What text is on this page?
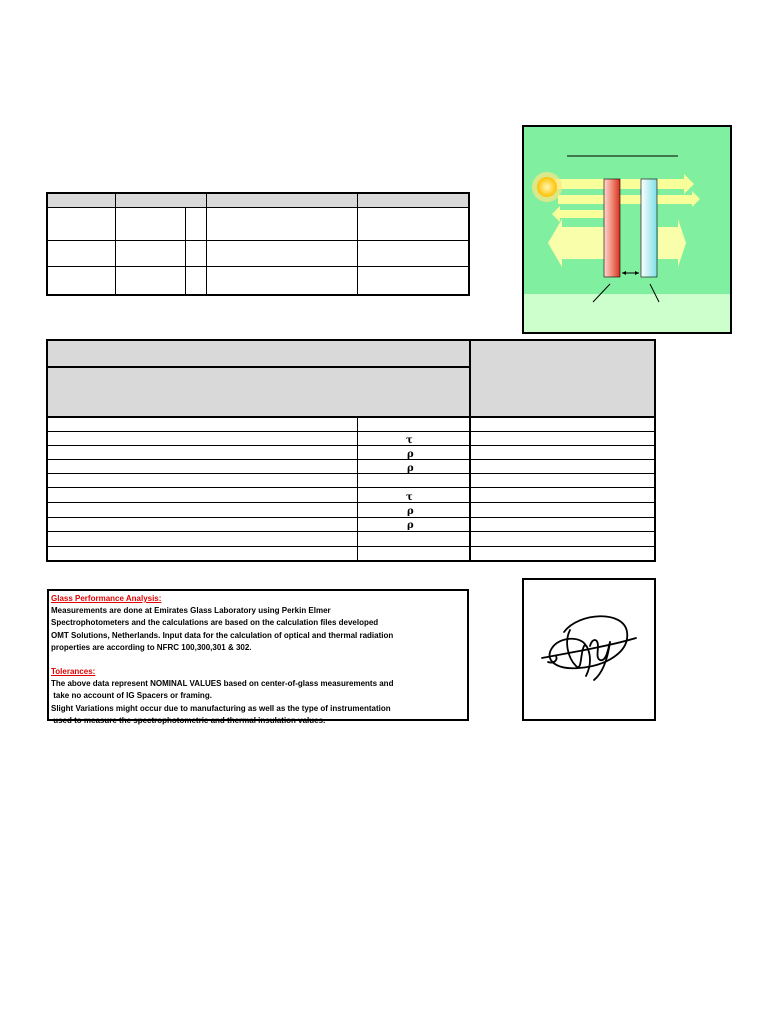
τ
ρ
ρ
τ
ρ
ρ
Glass Performance Analysis:
Measurements are done at Emirates Glass Laboratory using Perkin Elmer
Spectrophotometers and the calculations are based on the calculation files developed
OMT Solutions, Netherlands. Input data for the calculation of optical and thermal radiation
properties are according to NFRC 100,300,301 & 302.
Tolerances:
The above data represent NOMINAL VALUES based on center-of-glass measurements and
take no account of IG Spacers or framing.
Slight Variations might occur due to manufacturing as well as the type of instrumentation
used to measure the spectrophotometric and thermal insulation values.
